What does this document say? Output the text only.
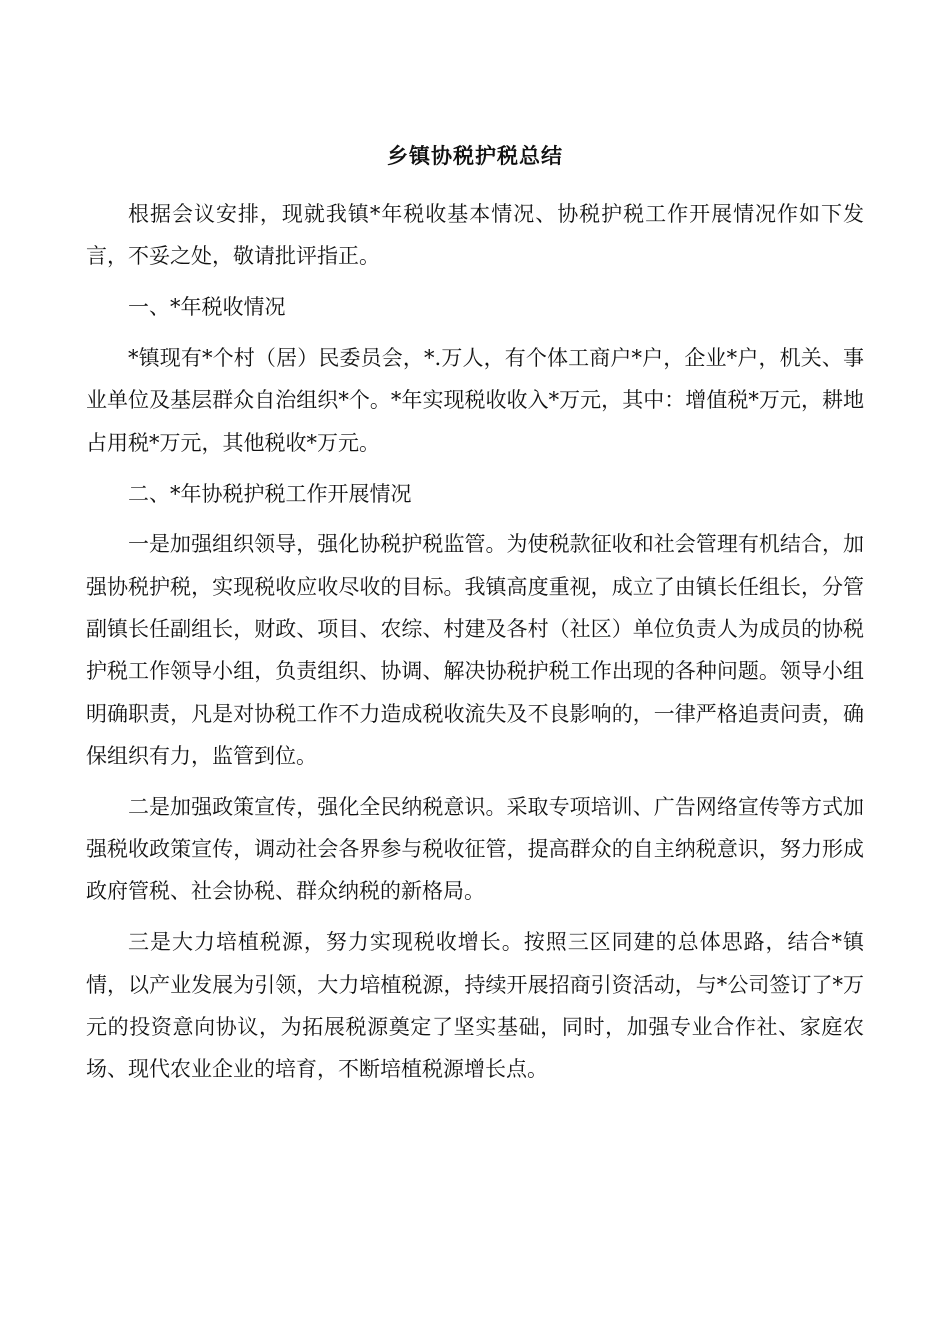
乡镇协税护税总结

根据会议安排，现就我镇*年税收基本情况、协税护税工作开展情况作如下发言，不妥之处，敬请批评指正。

一、*年税收情况

*镇现有*个村（居）民委员会，*.万人，有个体工商户*户，企业*户，机关、事业单位及基层群众自治组织*个。*年实现税收收入*万元，其中：增值税*万元，耕地占用税*万元，其他税收*万元。

二、*年协税护税工作开展情况

一是加强组织领导，强化协税护税监管。为使税款征收和社会管理有机结合，加强协税护税，实现税收应收尽收的目标。我镇高度重视，成立了由镇长任组长，分管副镇长任副组长，财政、项目、农综、村建及各村（社区）单位负责人为成员的协税护税工作领导小组，负责组织、协调、解决协税护税工作出现的各种问题。领导小组明确职责，凡是对协税工作不力造成税收流失及不良影响的，一律严格追责问责，确保组织有力，监管到位。

二是加强政策宣传，强化全民纳税意识。采取专项培训、广告网络宣传等方式加强税收政策宣传，调动社会各界参与税收征管，提高群众的自主纳税意识，努力形成政府管税、社会协税、群众纳税的新格局。

三是大力培植税源，努力实现税收增长。按照三区同建的总体思路，结合*镇情，以产业发展为引领，大力培植税源，持续开展招商引资活动，与*公司签订了*万元的投资意向协议，为拓展税源奠定了坚实基础，同时，加强专业合作社、家庭农场、现代农业企业的培育，不断培植税源增长点。
